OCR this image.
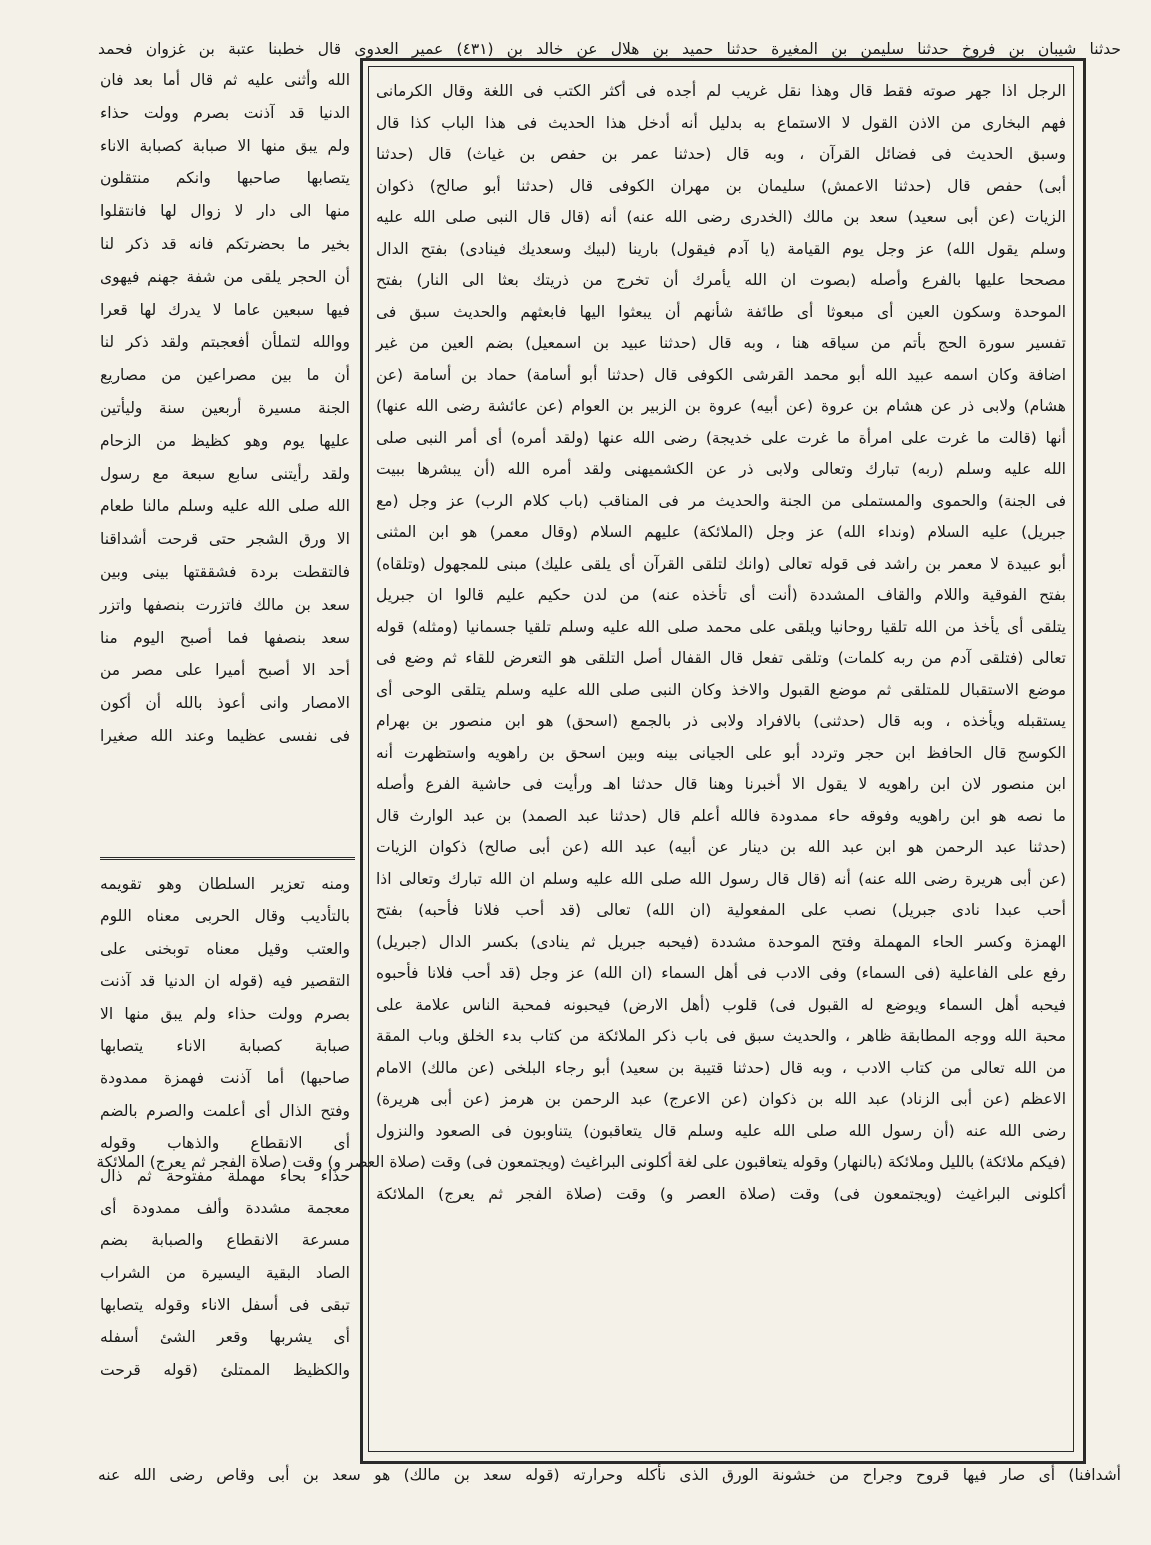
حدثنا شيبان بن فروخ حدثنا سليمن بن المغيرة حدثنا حميد بن هلال عن خالد بن (٤٣١) عمير العدوى قال خطبنا عتبة بن غزوان فحمد
الرجل اذا جهر صوته فقط قال وهذا نقل غريب لم أجده فى أكثر الكتب فى اللغة وقال الكرمانى
فهم البخارى من الاذن القول لا الاستماع به بدليل أنه أدخل هذا الحديث فى هذا الباب كذا قال
وسبق الحديث فى فضائل القرآن ، وبه قال (حدثنا عمر بن حفص بن غياث) قال (حدثنا
أبى) حفص قال (حدثنا الاعمش) سليمان بن مهران الكوفى قال (حدثنا أبو صالح) ذكوان
الزيات (عن أبى سعيد) سعد بن مالك (الخدرى رضى الله عنه) أنه (قال قال النبى صلى الله عليه
وسلم يقول الله) عز وجل يوم القيامة (يا آدم فيقول) بارينا (لبيك وسعديك فينادى) بفتح الدال
مصححا عليها بالفرع وأصله (بصوت ان الله يأمرك أن تخرج من ذريتك بعثا الى النار) بفتح
الموحدة وسكون العين أى مبعوثا أى طائفة شأنهم أن يبعثوا اليها فابعثهم والحديث سبق فى
تفسير سورة الحج بأتم من سياقه هنا ، وبه قال (حدثنا عبيد بن اسمعيل) بضم العين من غير
اضافة وكان اسمه عبيد الله أبو محمد القرشى الكوفى قال (حدثنا أبو أسامة) حماد بن أسامة (عن
هشام) ولابى ذر عن هشام بن عروة (عن أبيه) عروة بن الزبير بن العوام (عن عائشة رضى الله عنها)
أنها (قالت ما غرت على امرأة ما غرت على خديجة) رضى الله عنها (ولقد أمره) أى أمر النبى صلى
الله عليه وسلم (ربه) تبارك وتعالى ولابى ذر عن الكشميهنى ولقد أمره الله (أن يبشرها ببيت
فى الجنة) والحموى والمستملى من الجنة والحديث مر فى المناقب (باب كلام الرب) عز وجل (مع
جبريل) عليه السلام (ونداء الله) عز وجل (الملائكة) عليهم السلام (وقال معمر) هو ابن المثنى
أبو عبيدة لا معمر بن راشد فى قوله تعالى (وانك لتلقى القرآن أى يلقى عليك) مبنى للمجهول (وتلقاه)
بفتح الفوقية واللام والقاف المشددة (أنت أى تأخذه عنه) من لدن حكيم عليم قالوا ان جبريل
يتلقى أى يأخذ من الله تلقيا روحانيا ويلقى على محمد صلى الله عليه وسلم تلقيا جسمانيا (ومثله) قوله
تعالى (فتلقى آدم من ربه كلمات) وتلقى تفعل قال القفال أصل التلقى هو التعرض للقاء ثم وضع فى
موضع الاستقبال للمتلقى ثم موضع القبول والاخذ وكان النبى صلى الله عليه وسلم يتلقى الوحى أى
يستقبله ويأخذه ، وبه قال (حدثنى) بالافراد ولابى ذر بالجمع (اسحق) هو ابن منصور بن بهرام
الكوسج قال الحافظ ابن حجر وتردد أبو على الجيانى بينه وبين اسحق بن راهويه واستظهرت أنه
ابن منصور لان ابن راهويه لا يقول الا أخبرنا وهنا قال حدثنا اهـ ورأيت فى حاشية الفرع وأصله
ما نصه هو ابن راهويه وفوقه حاء ممدودة فالله أعلم قال (حدثنا عبد الصمد) بن عبد الوارث قال
(حدثنا عبد الرحمن هو ابن عبد الله بن دينار عن أبيه) عبد الله (عن أبى صالح) ذكوان الزيات
(عن أبى هريرة رضى الله عنه) أنه (قال قال رسول الله صلى الله عليه وسلم ان الله تبارك وتعالى اذا
أحب عبدا نادى جبريل) نصب على المفعولية (ان الله) تعالى (قد أحب فلانا فأحبه) بفتح
الهمزة وكسر الحاء المهملة وفتح الموحدة مشددة (فيحبه جبريل ثم ينادى) بكسر الدال (جبريل)
رفع على الفاعلية (فى السماء) وفى الادب فى أهل السماء (ان الله) عز وجل (قد أحب فلانا فأحبوه
فيحبه أهل السماء ويوضع له القبول فى) قلوب (أهل الارض) فيحبونه فمحبة الناس علامة على
محبة الله ووجه المطابقة ظاهر ، والحديث سبق فى باب ذكر الملائكة من كتاب بدء الخلق وباب المقة
من الله تعالى من كتاب الادب ، وبه قال (حدثنا قتيبة بن سعيد) أبو رجاء البلخى (عن مالك) الامام
الاعظم (عن أبى الزناد) عبد الله بن ذكوان (عن الاعرج) عبد الرحمن بن هرمز (عن أبى هريرة)
رضى الله عنه (أن رسول الله صلى الله عليه وسلم قال يتعاقبون) يتناوبون فى الصعود والنزول
(فيكم ملائكة) بالليل وملائكة (بالنهار) وقوله يتعاقبون على لغة أكلونى البراغيث (ويجتمعون فى) وقت (صلاة العصر و) وقت (صلاة الفجر ثم يعرج) الملائكة
أكلونى البراغيث (ويجتمعون فى) وقت (صلاة العصر و) وقت (صلاة الفجر ثم يعرج) الملائكة
الله وأثنى عليه ثم قال أما بعد فان
الدنيا قد آذنت بصرم وولت حذاء
ولم يبق منها الا صبابة كصبابة الاناء
يتصابها صاحبها وانكم منتقلون
منها الى دار لا زوال لها فانتقلوا
بخير ما بحضرتكم فانه قد ذكر لنا
أن الحجر يلقى من شفة جهنم فيهوى
فيها سبعين عاما لا يدرك لها قعرا
ووالله لتملأن أفعجبتم ولقد ذكر لنا
أن ما بين مصراعين من مصاريع
الجنة مسيرة أربعين سنة وليأتين
عليها يوم وهو كظيظ من الزحام
ولقد رأيتنى سابع سبعة مع رسول
الله صلى الله عليه وسلم مالنا طعام
الا ورق الشجر حتى قرحت أشداقنا
فالتقطت بردة فشققتها بينى وبين
سعد بن مالك فاتزرت بنصفها واتزر
سعد بنصفها فما أصبح اليوم منا
أحد الا أصبح أميرا على مصر من
الامصار وانى أعوذ بالله أن أكون
فى نفسى عظيما وعند الله صغيرا
ومنه تعزير السلطان وهو تقويمه
بالتأديب وقال الحربى معناه اللوم
والعتب وقيل معناه توبخنى على
التقصير فيه (قوله ان الدنيا قد آذنت
بصرم وولت حذاء ولم يبق منها الا
صبابة كصبابة الاناء يتصابها
صاحبها) أما آذنت فهمزة ممدودة
وفتح الذال أى أعلمت والصرم بالضم
أى الانقطاع والذهاب وقوله
حذاء بحاء مهملة مفتوحة ثم ذال
معجمة مشددة وألف ممدودة أى
مسرعة الانقطاع والصبابة بضم
الصاد البقية اليسيرة من الشراب
تبقى فى أسفل الاناء وقوله يتصابها
أى يشربها وقعر الشئ أسفله
والكظيظ الممتلئ (قوله قرحت
أشدافنا) أى صار فيها قروح وجراح من خشونة الورق الذى نأكله وحرارته (قوله سعد بن مالك) هو سعد بن أبى وقاص رضى الله عنه
